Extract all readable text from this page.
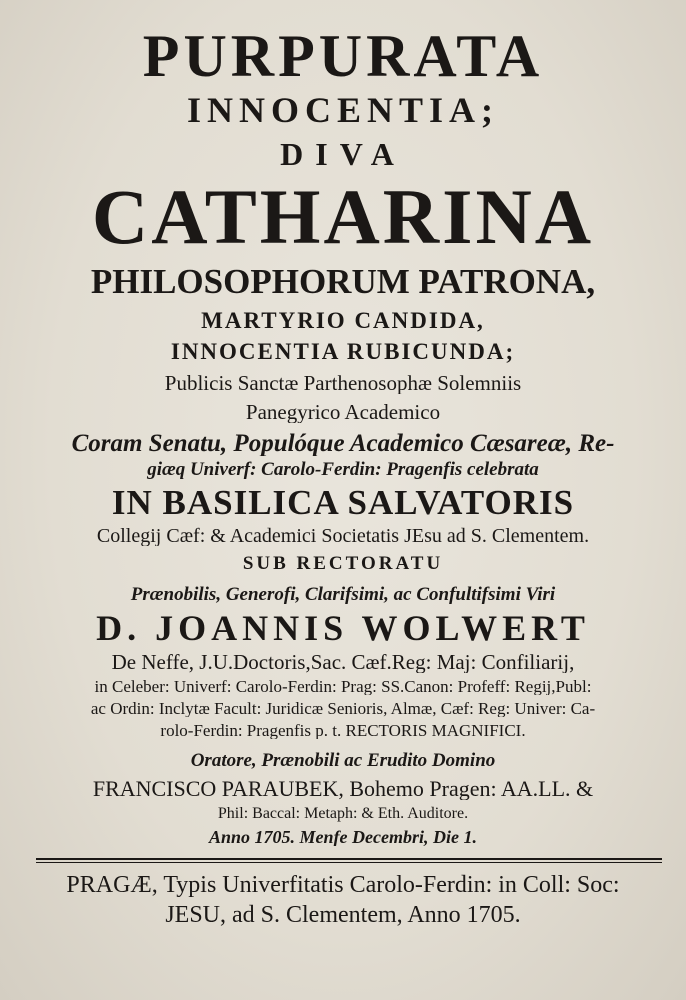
PURPURATA

INNOCENTIA;

DIVA

CATHARINA

PHILOSOPHORUM PATRONA,

MARTYRIO CANDIDA,

INNOCENTIA RUBICUNDA;

Publicis Sanctæ Parthenosophæ Solemniis

Panegyrico Academico

Coram Senatu, Populóque Academico Cæsareæ, Re-

giæq Univerf: Carolo-Ferdin: Pragenfis celebrata

IN BASILICA SALVATORIS

Collegij Cæf: & Academici Societatis JEsu ad S. Clementem.

SUB RECTORATU

Prænobilis, Generofi, Clarifsimi, ac Confultifsimi Viri

D. JOANNIS WOLWERT

De Neffe, J.U.Doctoris,Sac. Cæf.Reg: Maj: Confiliarij,

in Celeber: Univerf: Carolo-Ferdin: Prag: SS.Canon: Profeff: Regij,Publ:

ac Ordin: Inclytæ Facult: Juridicæ Senioris, Almæ, Cæf: Reg: Univer: Ca-

rolo-Ferdin: Pragenfis p. t. RECTORIS MAGNIFICI.

Oratore, Prænobili ac Erudito Domino

FRANCISCO PARAUBEK, Bohemo Pragen: AA.LL. &

Phil: Baccal: Metaph: & Eth. Auditore.

Anno 1705. Menfe Decembri, Die 1.

PRAGÆ, Typis Univerfitatis Carolo-Ferdin: in Coll: Soc:

JESU, ad S. Clementem, Anno 1705.
